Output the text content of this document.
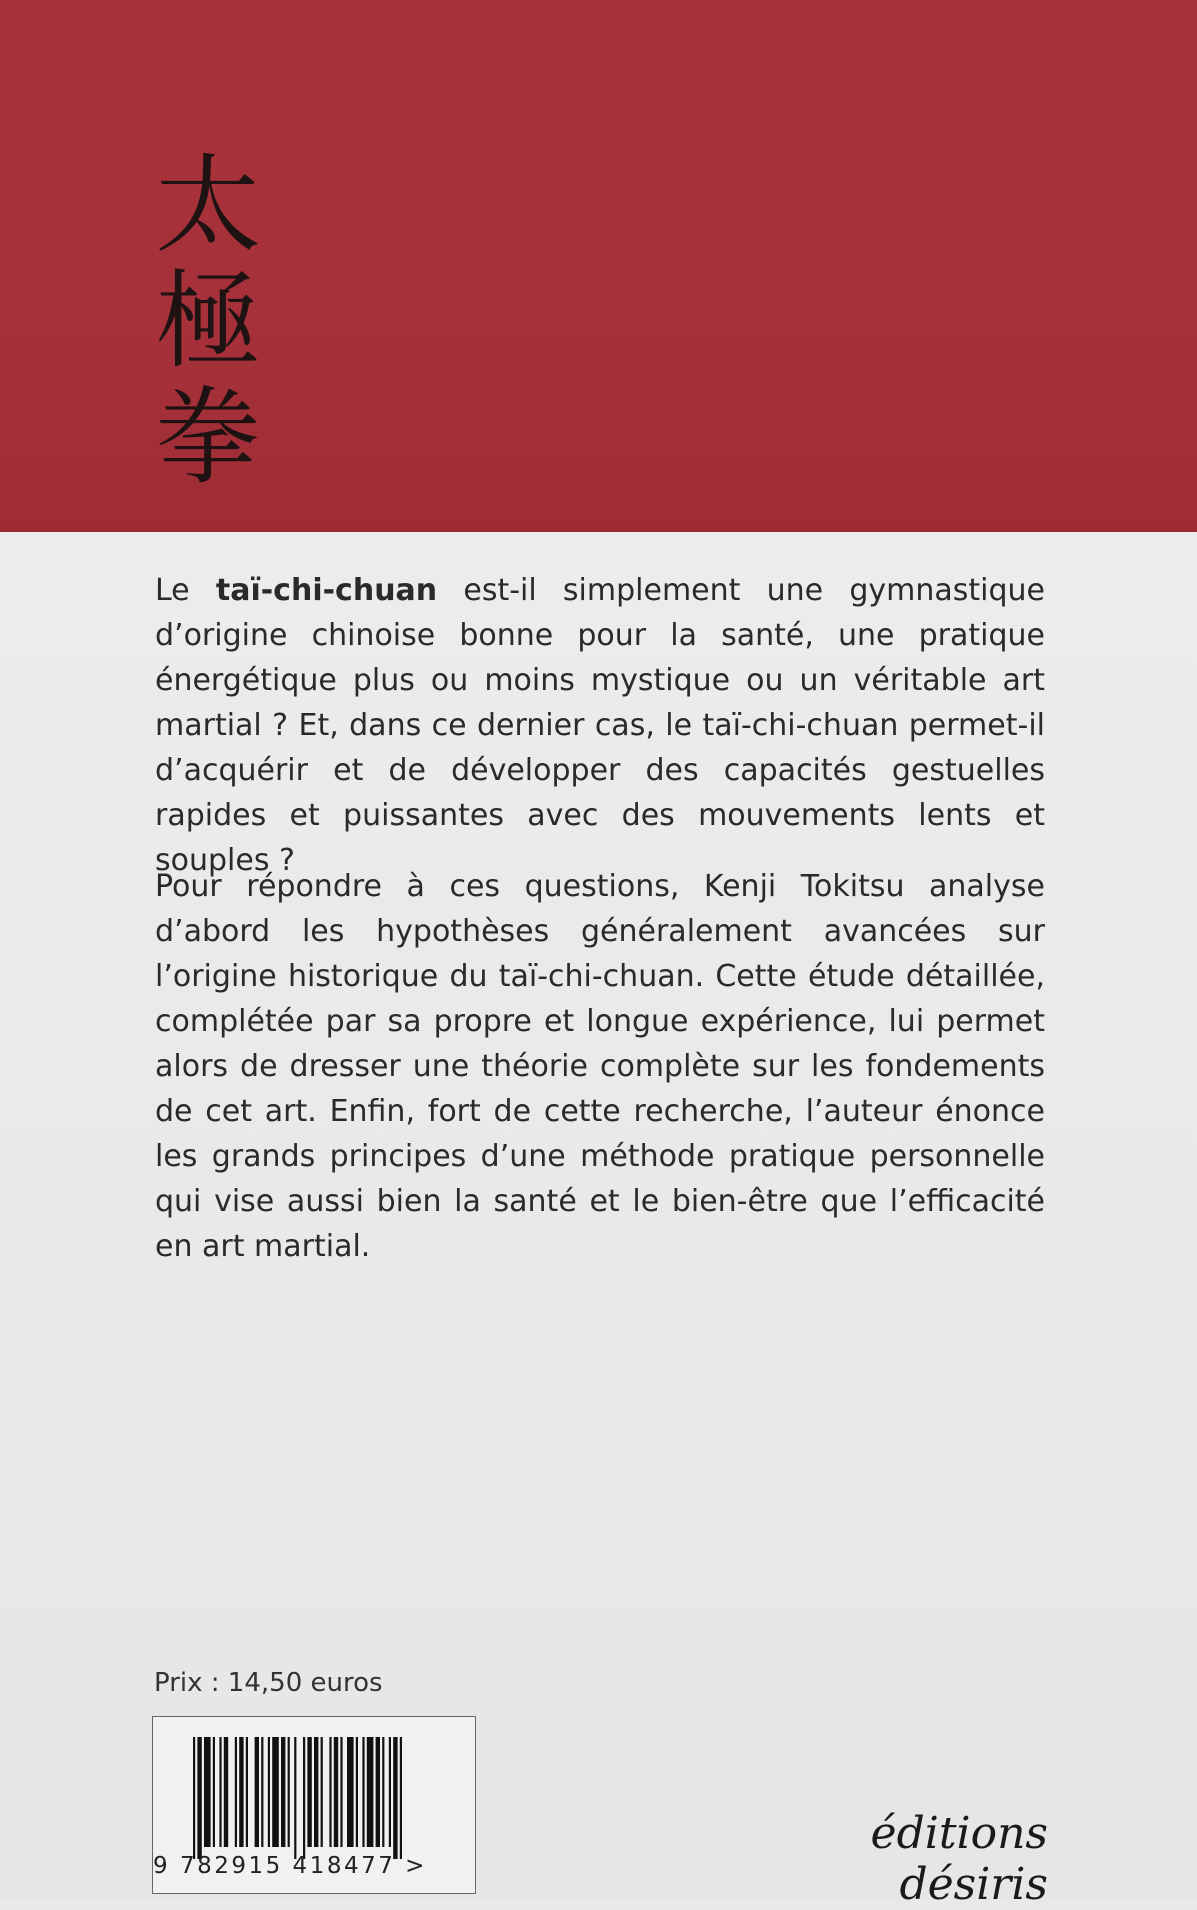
太
極
拳

Le taï-chi-chuan est-il simplement une gymnastique d’origine chinoise bonne pour la santé, une pratique énergétique plus ou moins mystique ou un véritable art martial ? Et, dans ce dernier cas, le taï-chi-chuan permet-il d’acquérir et de développer des capacités gestuelles rapides et puissantes avec des mouvements lents et souples ?

Pour répondre à ces questions, Kenji Tokitsu analyse d’abord les hypothèses généralement avancées sur l’origine historique du taï-chi-chuan. Cette étude détaillée, complétée par sa propre et longue expérience, lui permet alors de dresser une théorie complète sur les fondements de cet art. Enfin, fort de cette recherche, l’auteur énonce les grands principes d’une méthode pratique personnelle qui vise aussi bien la santé et le bien-être que l’efficacité en art martial.

Prix : 14,50 euros
9 782915 418477 >
éditions désiris
